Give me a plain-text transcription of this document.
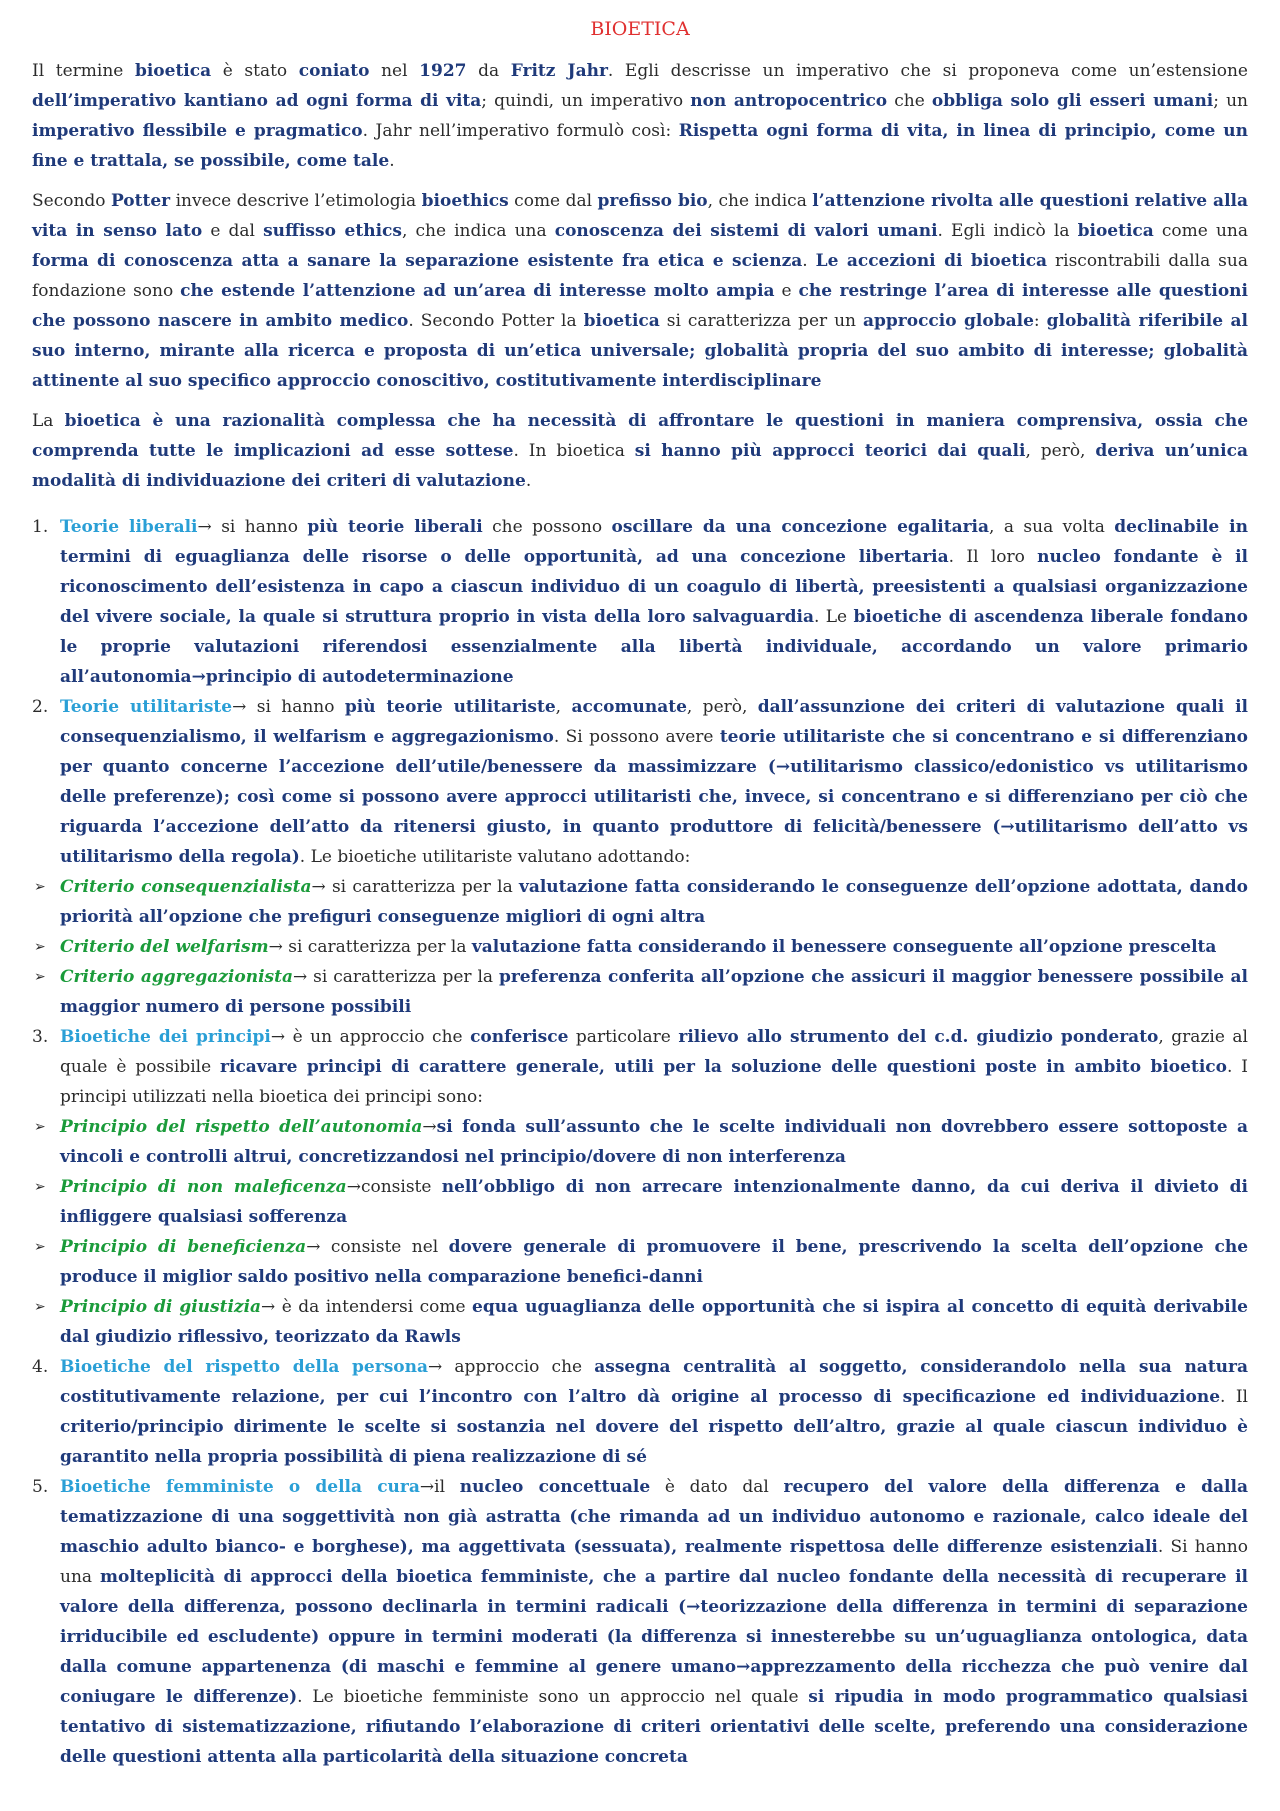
BIOETICA

Il termine bioetica è stato coniato nel 1927 da Fritz Jahr. Egli descrisse un imperativo che si proponeva come un’estensione dell’imperativo kantiano ad ogni forma di vita; quindi, un imperativo non antropocentrico che obbliga solo gli esseri umani; un imperativo flessibile e pragmatico. Jahr nell’imperativo formulò così: Rispetta ogni forma di vita, in linea di principio, come un fine e trattala, se possibile, come tale.

Secondo Potter invece descrive l’etimologia bioethics come dal prefisso bio, che indica l’attenzione rivolta alle questioni relative alla vita in senso lato e dal suffisso ethics, che indica una conoscenza dei sistemi di valori umani. Egli indicò la bioetica come una forma di conoscenza atta a sanare la separazione esistente fra etica e scienza. Le accezioni di bioetica riscontrabili dalla sua fondazione sono che estende l’attenzione ad un’area di interesse molto ampia e che restringe l’area di interesse alle questioni che possono nascere in ambito medico. Secondo Potter la bioetica si caratterizza per un approccio globale: globalità riferibile al suo interno, mirante alla ricerca e proposta di un’etica universale; globalità propria del suo ambito di interesse; globalità attinente al suo specifico approccio conoscitivo, costitutivamente interdisciplinare

La bioetica è una razionalità complessa che ha necessità di affrontare le questioni in maniera comprensiva, ossia che comprenda tutte le implicazioni ad esse sottese. In bioetica si hanno più approcci teorici dai quali, però, deriva un’unica modalità di individuazione dei criteri di valutazione.

1. Teorie liberali→ si hanno più teorie liberali che possono oscillare da una concezione egalitaria, a sua volta declinabile in termini di eguaglianza delle risorse o delle opportunità, ad una concezione libertaria. Il loro nucleo fondante è il riconoscimento dell’esistenza in capo a ciascun individuo di un coagulo di libertà, preesistenti a qualsiasi organizzazione del vivere sociale, la quale si struttura proprio in vista della loro salvaguardia. Le bioetiche di ascendenza liberale fondano le proprie valutazioni riferendosi essenzialmente alla libertà individuale, accordando un valore primario all’autonomia→principio di autodeterminazione
2. Teorie utilitariste→ si hanno più teorie utilitariste, accomunate, però, dall’assunzione dei criteri di valutazione quali il consequenzialismo, il welfarism e aggregazionismo. Si possono avere teorie utilitariste che si concentrano e si differenziano per quanto concerne l’accezione dell’utile/benessere da massimizzare (→utilitarismo classico/edonistico vs utilitarismo delle preferenze); così come si possono avere approcci utilitaristi che, invece, si concentrano e si differenziano per ciò che riguarda l’accezione dell’atto da ritenersi giusto, in quanto produttore di felicità/benessere (→utilitarismo dell’atto vs utilitarismo della regola). Le bioetiche utilitariste valutano adottando:
➢ Criterio consequenzialista→ si caratterizza per la valutazione fatta considerando le conseguenze dell’opzione adottata, dando priorità all’opzione che prefiguri conseguenze migliori di ogni altra
➢ Criterio del welfarism→ si caratterizza per la valutazione fatta considerando il benessere conseguente all’opzione prescelta
➢ Criterio aggregazionista→ si caratterizza per la preferenza conferita all’opzione che assicuri il maggior benessere possibile al maggior numero di persone possibili
3. Bioetiche dei principi→ è un approccio che conferisce particolare rilievo allo strumento del c.d. giudizio ponderato, grazie al quale è possibile ricavare principi di carattere generale, utili per la soluzione delle questioni poste in ambito bioetico. I principi utilizzati nella bioetica dei principi sono:
➢ Principio del rispetto dell’autonomia→si fonda sull’assunto che le scelte individuali non dovrebbero essere sottoposte a vincoli e controlli altrui, concretizzandosi nel principio/dovere di non interferenza
➢ Principio di non maleficenza→consiste nell’obbligo di non arrecare intenzionalmente danno, da cui deriva il divieto di infliggere qualsiasi sofferenza
➢ Principio di beneficienza→ consiste nel dovere generale di promuovere il bene, prescrivendo la scelta dell’opzione che produce il miglior saldo positivo nella comparazione benefici-danni
➢ Principio di giustizia→ è da intendersi come equa uguaglianza delle opportunità che si ispira al concetto di equità derivabile dal giudizio riflessivo, teorizzato da Rawls
4. Bioetiche del rispetto della persona→ approccio che assegna centralità al soggetto, considerandolo nella sua natura costitutivamente relazione, per cui l’incontro con l’altro dà origine al processo di specificazione ed individuazione. Il criterio/principio dirimente le scelte si sostanzia nel dovere del rispetto dell’altro, grazie al quale ciascun individuo è garantito nella propria possibilità di piena realizzazione di sé
5. Bioetiche femministe o della cura→il nucleo concettuale è dato dal recupero del valore della differenza e dalla tematizzazione di una soggettività non già astratta (che rimanda ad un individuo autonomo e razionale, calco ideale del maschio adulto bianco- e borghese), ma aggettivata (sessuata), realmente rispettosa delle differenze esistenziali. Si hanno una molteplicità di approcci della bioetica femministe, che a partire dal nucleo fondante della necessità di recuperare il valore della differenza, possono declinarla in termini radicali (→teorizzazione della differenza in termini di separazione irriducibile ed escludente) oppure in termini moderati (la differenza si innesterebbe su un’uguaglianza ontologica, data dalla comune appartenenza (di maschi e femmine al genere umano→apprezzamento della ricchezza che può venire dal coniugare le differenze). Le bioetiche femministe sono un approccio nel quale si ripudia in modo programmatico qualsiasi tentativo di sistematizzazione, rifiutando l’elaborazione di criteri orientativi delle scelte, preferendo una considerazione delle questioni attenta alla particolarità della situazione concreta
